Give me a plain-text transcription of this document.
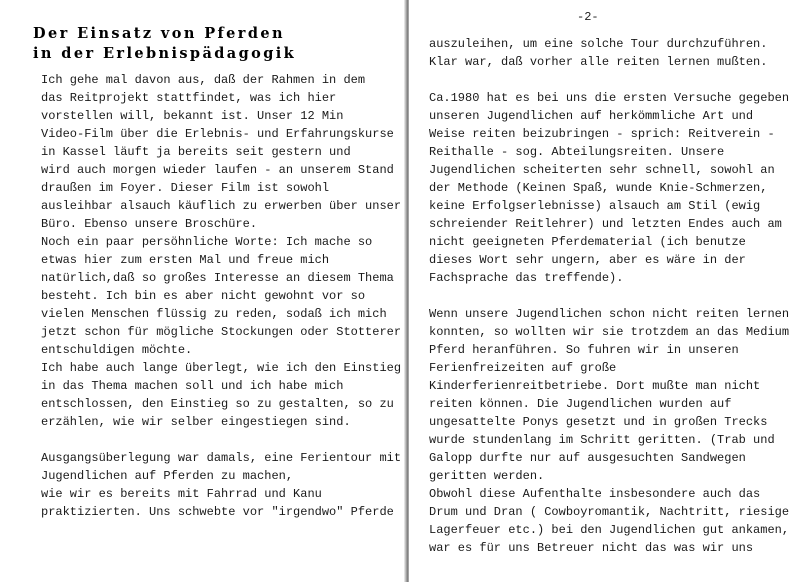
Der Einsatz von Pferden
in der Erlebnispädagogik
Ich gehe mal davon aus, daß der Rahmen in dem
das Reitprojekt stattfindet, was ich hier
vorstellen will, bekannt ist. Unser 12 Min
Video-Film über die Erlebnis- und Erfahrungskurse
in Kassel läuft ja bereits seit gestern und
wird auch morgen wieder laufen - an unserem Stand
draußen im Foyer. Dieser Film ist sowohl
ausleihbar alsauch käuflich zu erwerben über unser
Büro. Ebenso unsere Broschüre.
Noch ein paar persöhnliche Worte: Ich mache so
etwas hier zum ersten Mal und freue mich
natürlich,daß so großes Interesse an diesem Thema
besteht. Ich bin es aber nicht gewohnt vor so
vielen Menschen flüssig zu reden, sodaß ich mich
jetzt schon für mögliche Stockungen oder Stotterer
entschuldigen möchte.
Ich habe auch lange überlegt, wie ich den Einstieg
in das Thema machen soll und ich habe mich
entschlossen, den Einstieg so zu gestalten, so zu
erzählen, wie wir selber eingestiegen sind.
Ausgangsüberlegung war damals, eine Ferientour mit
Jugendlichen auf Pferden zu machen,
wie wir es bereits mit Fahrrad und Kanu
praktizierten. Uns schwebte vor "irgendwo" Pferde
auszuleihen, um eine solche Tour durchzuführen.
Klar war, daß vorher alle reiten lernen mußten.
Ca.1980 hat es bei uns die ersten Versuche gegeben
unseren Jugendlichen auf herkömmliche Art und
Weise reiten beizubringen - sprich: Reitverein -
Reithalle - sog. Abteilungsreiten. Unsere
Jugendlichen scheiterten sehr schnell, sowohl an
der Methode (Keinen Spaß, wunde Knie-Schmerzen,
keine Erfolgserlebnisse) alsauch am Stil (ewig
schreiender Reitlehrer) und letzten Endes auch am
nicht geeigneten Pferdematerial (ich benutze
dieses Wort sehr ungern, aber es wäre in der
Fachsprache das treffende).
Wenn unsere Jugendlichen schon nicht reiten lernen
konnten, so wollten wir sie trotzdem an das Medium
Pferd heranführen. So fuhren wir in unseren
Ferienfreizeiten auf große
Kinderferienreitbetriebe. Dort mußte man nicht
reiten können. Die Jugendlichen wurden auf
ungesattelte Ponys gesetzt und in großen Trecks
wurde stundenlang im Schritt geritten. (Trab und
Galopp durfte nur auf ausgesuchten Sandwegen
geritten werden.
Obwohl diese Aufenthalte insbesondere auch das
Drum und Dran ( Cowboyromantik, Nachtritt, riesige
Lagerfeuer etc.) bei den Jugendlichen gut ankamen,
war es für uns Betreuer nicht das was wir uns
-2-
